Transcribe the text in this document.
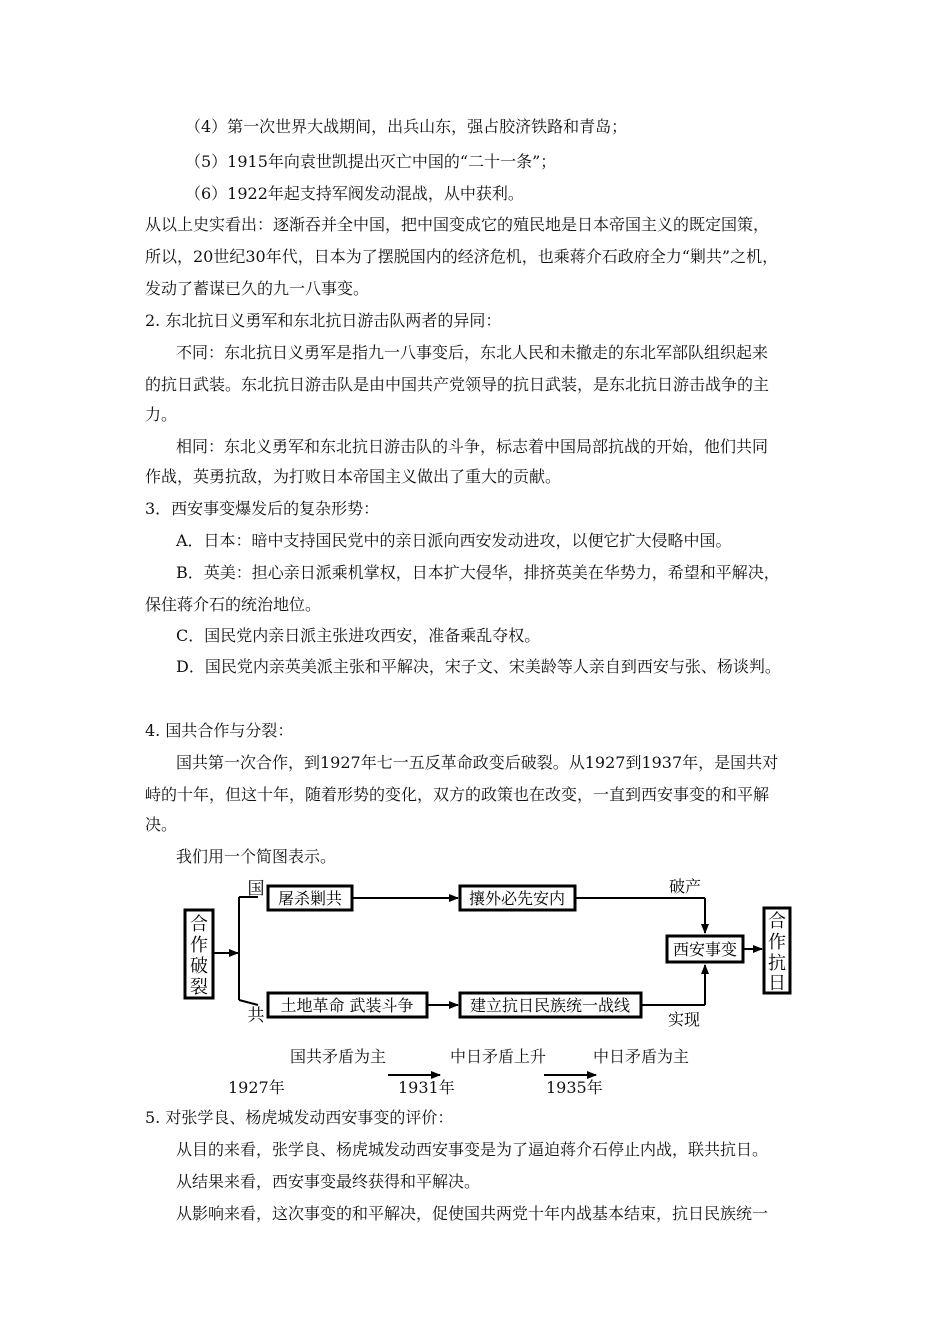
（4）第一次世界大战期间，出兵山东，强占胶济铁路和青岛；
（5）1915年向袁世凯提出灭亡中国的“二十一条”；
（6）1922年起支持军阀发动混战，从中获利。
从以上史实看出：逐渐吞并全中国，把中国变成它的殖民地是日本帝国主义的既定国策，
所以，20世纪30年代，日本为了摆脱国内的经济危机，也乘蒋介石政府全力“剿共”之机，
发动了蓄谋已久的九一八事变。
2. 东北抗日义勇军和东北抗日游击队两者的异同：
不同：东北抗日义勇军是指九一八事变后，东北人民和未撤走的东北军部队组织起来
的抗日武装。东北抗日游击队是由中国共产党领导的抗日武装，是东北抗日游击战争的主
力。
相同：东北义勇军和东北抗日游击队的斗争，标志着中国局部抗战的开始，他们共同
作战，英勇抗敌，为打败日本帝国主义做出了重大的贡献。
3．西安事变爆发后的复杂形势：
A．日本：暗中支持国民党中的亲日派向西安发动进攻，以便它扩大侵略中国。
B．英美：担心亲日派乘机掌权，日本扩大侵华，排挤英美在华势力，希望和平解决，
保住蒋介石的统治地位。
C．国民党内亲日派主张进攻西安，准备乘乱夺权。
D．国民党内亲英美派主张和平解决，宋子文、宋美龄等人亲自到西安与张、杨谈判。
4. 国共合作与分裂：
国共第一次合作，到1927年七一五反革命政变后破裂。从1927到1937年，是国共对
峙的十年，但这十年，随着形势的变化，双方的政策也在改变，一直到西安事变的和平解
决。
我们用一个简图表示。
合
作
破
裂
国
共
屠杀剿共	攘外必先安内
破产
西安事变
土地革命 武装斗争	建立抗日民族统一战线
实现
合
作
抗
日
国共矛盾为主	中日矛盾上升	中日矛盾为主
1927年	1931年	1935年
5. 对张学良、杨虎城发动西安事变的评价：
从目的来看，张学良、杨虎城发动西安事变是为了逼迫蒋介石停止内战，联共抗日。
从结果来看，西安事变最终获得和平解决。
从影响来看，这次事变的和平解决，促使国共两党十年内战基本结束，抗日民族统一
